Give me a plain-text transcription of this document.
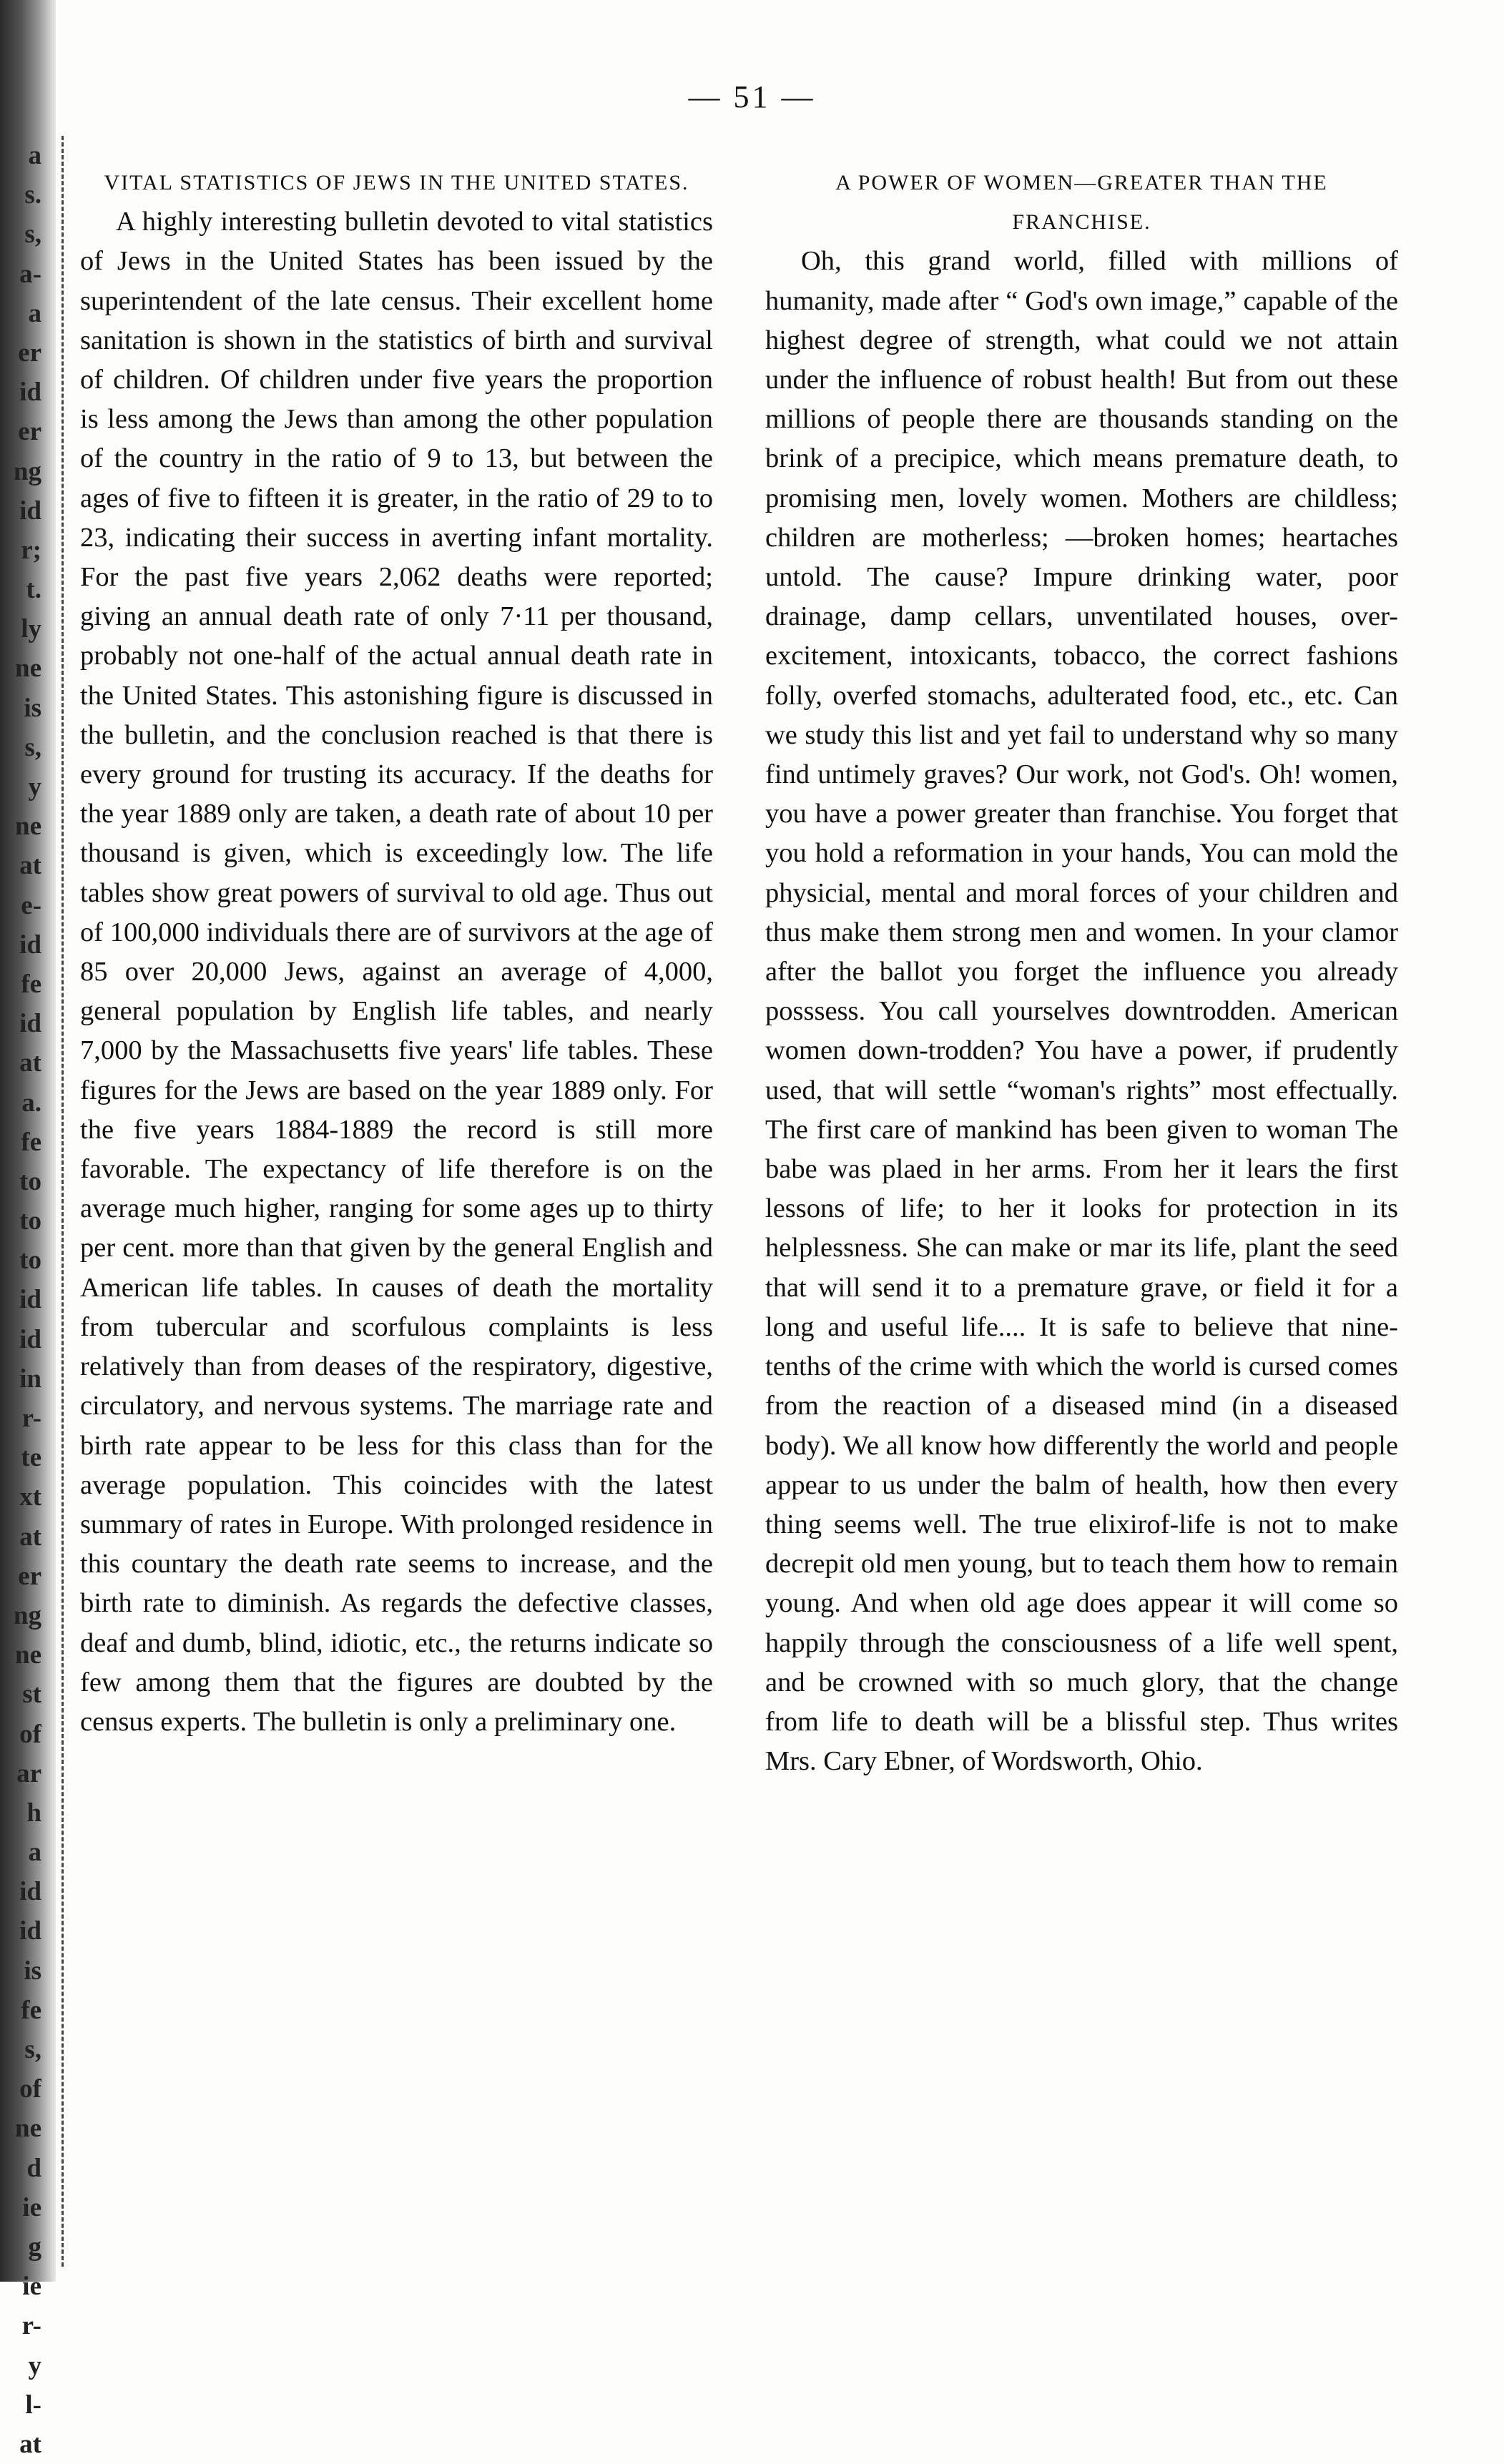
a
s.
s,
a-
a
er
id
er
ng
id
r;
t.
ly
ne
is
s,
y
ne
at
e-
id
fe
id
at
a.
fe
to
to
to
id
id
in
r-
te
xt
at
er
ng
ne
st
of
ar
h
a
id
id
is
fe
s,
of
ne
d
ie
g
ie
r-
y
l-
at
— 51 —
VITAL STATISTICS OF JEWS IN THE UNITED STATES.

A highly interesting bulletin devoted to vital statistics of Jews in the United States has been issued by the superintendent of the late census. Their excellent home sanitation is shown in the statistics of birth and survival of children. Of children under five years the proportion is less among the Jews than among the other population of the country in the ratio of 9 to 13, but between the ages of five to fifteen it is greater, in the ratio of 29 to to 23, indicating their success in averting infant mortality. For the past five years 2,062 deaths were reported; giving an annual death rate of only 7·11 per thousand, probably not one-half of the actual annual death rate in the United States. This astonishing figure is discussed in the bulletin, and the conclusion reached is that there is every ground for trusting its accuracy. If the deaths for the year 1889 only are taken, a death rate of about 10 per thousand is given, which is exceedingly low. The life tables show great powers of survival to old age. Thus out of 100,000 individuals there are of survivors at the age of 85 over 20,000 Jews, against an average of 4,000, general population by English life tables, and nearly 7,000 by the Massachusetts five years' life tables. These figures for the Jews are based on the year 1889 only. For the five years 1884-1889 the record is still more favorable. The expectancy of life therefore is on the average much higher, ranging for some ages up to thirty per cent. more than that given by the general English and American life tables. In causes of death the mortality from tubercular and scorfulous complaints is less relatively than from deases of the respiratory, digestive, circulatory, and nervous systems. The marriage rate and birth rate appear to be less for this class than for the average population. This coincides with the latest summary of rates in Europe. With prolonged residence in this countary the death rate seems to increase, and the birth rate to diminish. As regards the defective classes, deaf and dumb, blind, idiotic, etc., the returns indicate so few among them that the figures are doubted by the census experts. The bulletin is only a preliminary one.

A POWER OF WOMEN—GREATER THAN THE FRANCHISE.

Oh, this grand world, filled with millions of humanity, made after “ God's own image,” capable of the highest degree of strength, what could we not attain under the influence of robust health! But from out these millions of people there are thousands standing on the brink of a precipice, which means premature death, to promising men, lovely women. Mothers are childless; children are motherless; —broken homes; heartaches untold. The cause? Impure drinking water, poor drainage, damp cellars, unventilated houses, over-excitement, intoxicants, tobacco, the correct fashions folly, overfed stomachs, adulterated food, etc., etc. Can we study this list and yet fail to understand why so many find untimely graves? Our work, not God's. Oh! women, you have a power greater than franchise. You forget that you hold a reformation in your hands, You can mold the physicial, mental and moral forces of your children and thus make them strong men and women. In your clamor after the ballot you forget the influence you already posssess. You call yourselves downtrodden. American women down-trodden? You have a power, if prudently used, that will settle “woman's rights” most effectually. The first care of mankind has been given to woman The babe was plaed in her arms. From her it lears the first lessons of life; to her it looks for protection in its helplessness. She can make or mar its life, plant the seed that will send it to a premature grave, or field it for a long and useful life.... It is safe to believe that nine-tenths of the crime with which the world is cursed comes from the reaction of a diseased mind (in a diseased body). We all know how differently the world and people appear to us under the balm of health, how then every thing seems well. The true elixirof-life is not to make decrepit old men young, but to teach them how to remain young. And when old age does appear it will come so happily through the consciousness of a life well spent, and be crowned with so much glory, that the change from life to death will be a blissful step. Thus writes Mrs. Cary Ebner, of Wordsworth, Ohio.
